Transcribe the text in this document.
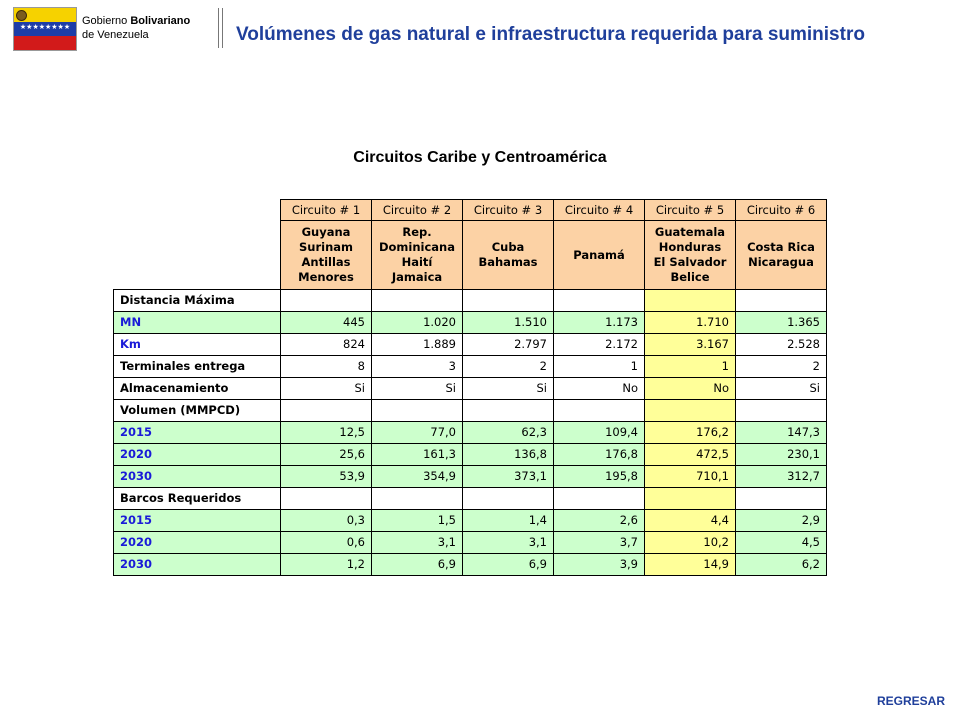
★★★★★★★★
Gobierno Bolivariano
de Venezuela	Volúmenes de gas natural e infraestructura requerida para suministro
Circuitos Caribe y Centroamérica
	Circuito # 1	Circuito # 2	Circuito # 3	Circuito # 4	Circuito # 5	Circuito # 6
	Guyana Surinam Antillas Menores	Rep. Dominicana Haití Jamaica	Cuba Bahamas	Panamá	Guatemala Honduras El Salvador Belice	Costa Rica Nicaragua
Distancia Máxima						
MN	445	1.020	1.510	1.173	1.710	1.365
Km	824	1.889	2.797	2.172	3.167	2.528
Terminales entrega	8	3	2	1	1	2
Almacenamiento	Si	Si	Si	No	No	Si
Volumen (MMPCD)						
2015	12,5	77,0	62,3	109,4	176,2	147,3
2020	25,6	161,3	136,8	176,8	472,5	230,1
2030	53,9	354,9	373,1	195,8	710,1	312,7
Barcos Requeridos						
2015	0,3	1,5	1,4	2,6	4,4	2,9
2020	0,6	3,1	3,1	3,7	10,2	4,5
2030	1,2	6,9	6,9	3,9	14,9	6,2
REGRESAR
